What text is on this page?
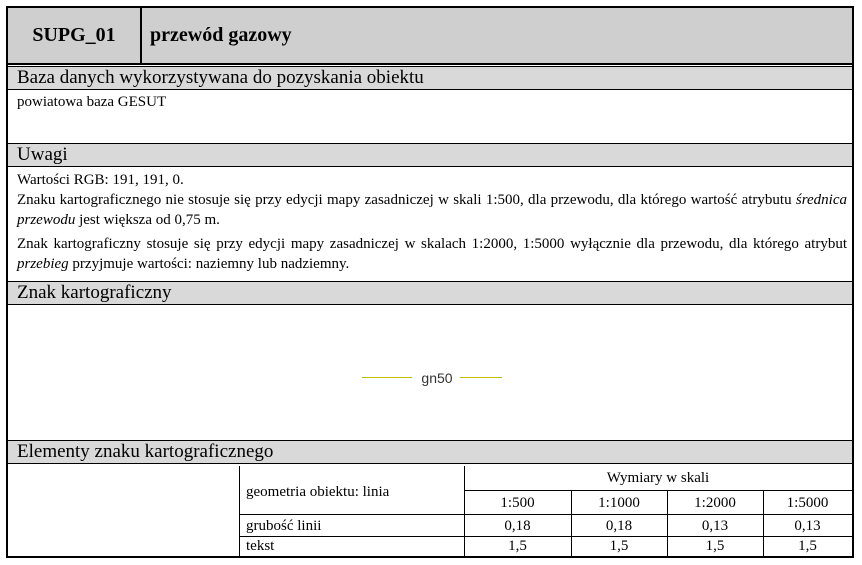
SUPG_01	przewód gazowy
Baza danych wykorzystywana do pozyskania obiektu
powiatowa baza GESUT
Uwagi
Wartości RGB: 191, 191, 0.
Znaku kartograficznego nie stosuje się przy edycji mapy zasadniczej w skali 1:500, dla przewodu, dla którego wartość atrybutu średnica przewodu jest większa od 0,75 m.
Znak kartograficzny stosuje się przy edycji mapy zasadniczej w skalach 1:2000, 1:5000 wyłącznie dla przewodu, dla którego atrybut przebieg przyjmuje wartości: naziemny lub nadziemny.
Znak kartograficzny
gn50
Elementy znaku kartograficznego
geometria obiektu: linia
Wymiary w skali
1:500	1:1000	1:2000	1:5000
grubość linii	0,18	0,18	0,13	0,13
tekst	1,5	1,5	1,5	1,5
